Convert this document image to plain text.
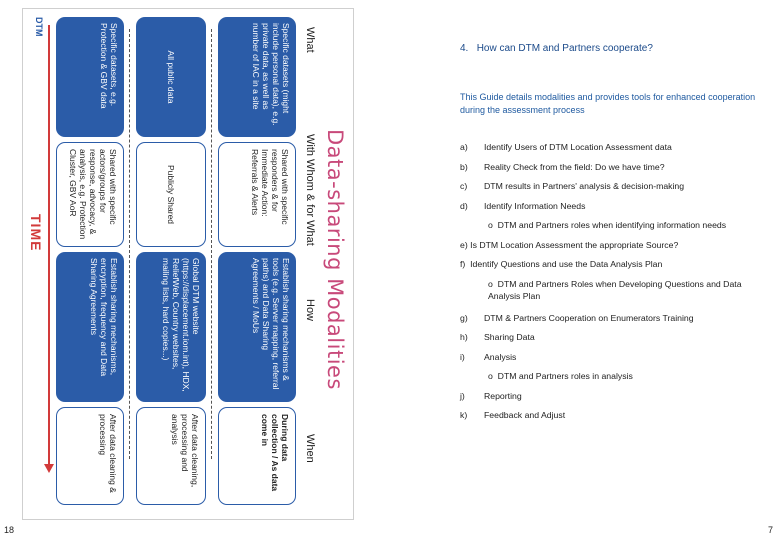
Data-sharing Modalities
What
With Whom & for What
How
When
Specific datasets (might include personal data), e.g. private data, as well as number of IAC in a site
Shared with specific responders & for Immediate Action: Referrals & Alerts
Establish sharing mechanisms & tools (e.g. Server mapping, referral paths) and Data Sharing Agreements / MoUs
During data collection / As data come in
All public data
Publicly Shared
Global DTM website (https://displacement.iom.int), HDX, ReliefWeb, Country websites, mailing lists, hard copies...)
After data cleaning, processing and analysis
Specific datasets, e.g. Protection & GBV data
Shared with specific actors/groups for response, advocacy, & analysis, e.g. Protection Cluster, GBV AoR
Establish sharing mechanisms, encryption, frequency and Data Sharing Agreements
After data cleaning & processing
TIME
DTM
18
4. How can DTM and Partners cooperate?
This Guide details modalities and provides tools for enhanced cooperation during the assessment process
a) Identify Users of DTM Location Assessment data
b) Reality Check from the field: Do we have time?
c) DTM results in Partners' analysis & decision-making
d) Identify Information Needs
o DTM and Partners roles when identifying information needs
e) Is DTM Location Assessment the appropriate Source?
f) Identify Questions and use the Data Analysis Plan
o DTM and Partners Roles when Developing Questions and Data Analysis Plan
g) DTM & Partners Cooperation on Enumerators Training
h) Sharing Data
i) Analysis
o DTM and Partners roles in analysis
j) Reporting
k) Feedback and Adjust
7
